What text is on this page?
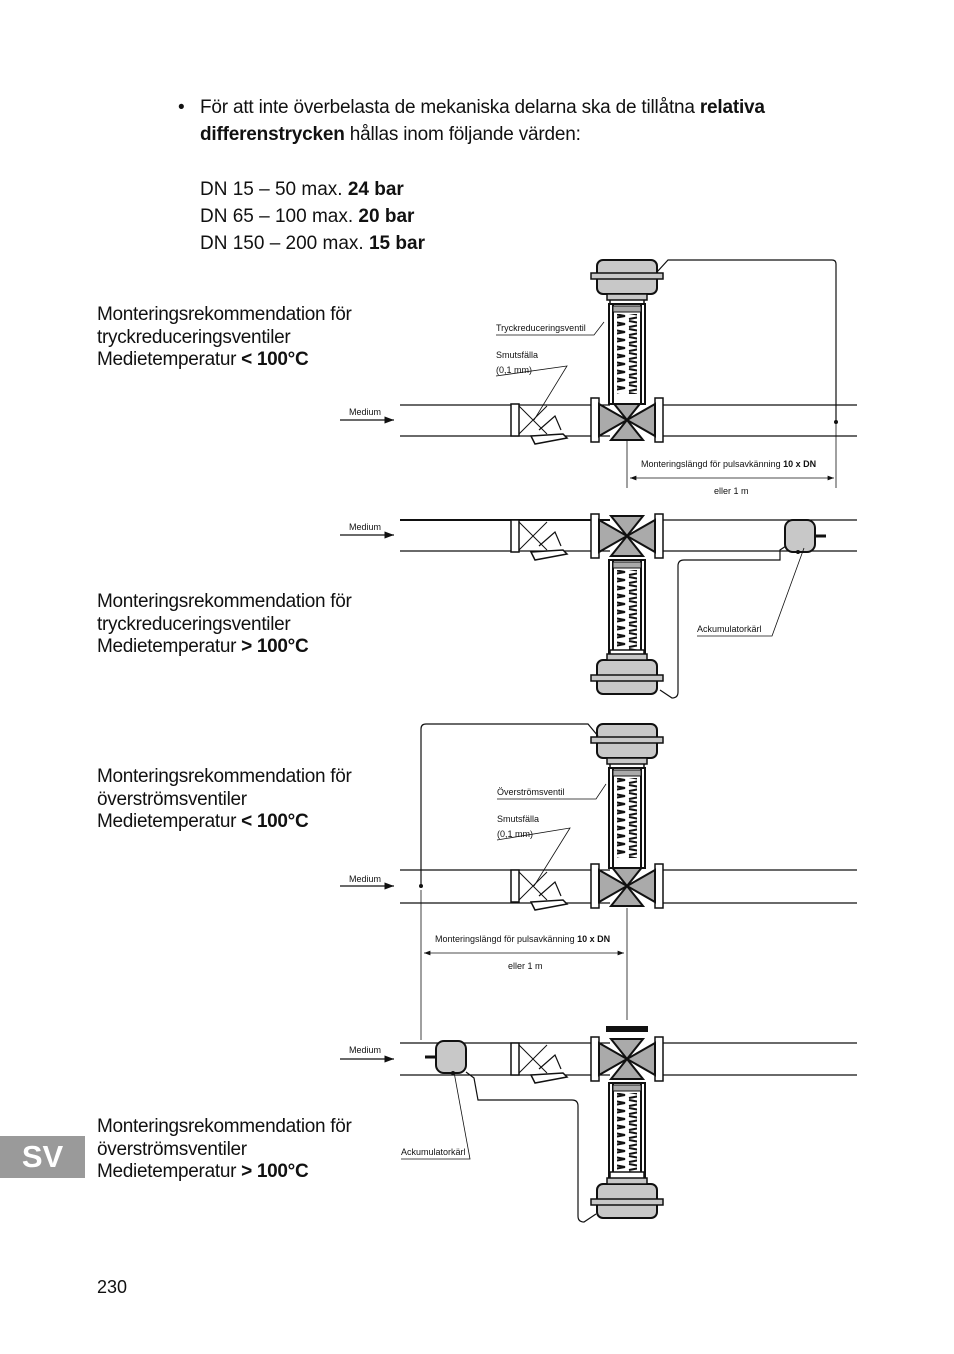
• För att inte överbelasta de mekaniska delarna ska de tillåtna relativa differenstrycken hållas inom följande värden:
DN 15 – 50 max. 24 bar
DN 65 – 100 max. 20 bar
DN 150 – 200 max. 15 bar
Monteringsrekommendation för
tryckreduceringsventiler
Medietemperatur < 100°C
Monteringsrekommendation för
tryckreduceringsventiler
Medietemperatur > 100°C
Monteringsrekommendation för
överströmsventiler
Medietemperatur < 100°C
Monteringsrekommendation för
överströmsventiler
Medietemperatur > 100°C
Medium
Tryckreduceringsventil
Smutsfälla
(0,1 mm)
Monteringslängd för pulsavkänning 10 x DN
eller 1 m
Medium
Ackumulatorkärl
Medium
Överströmsventil
Smutsfälla
(0,1 mm)
Monteringslängd för pulsavkänning 10 x DN
eller 1 m
Medium
Ackumulatorkärl
SV
230
